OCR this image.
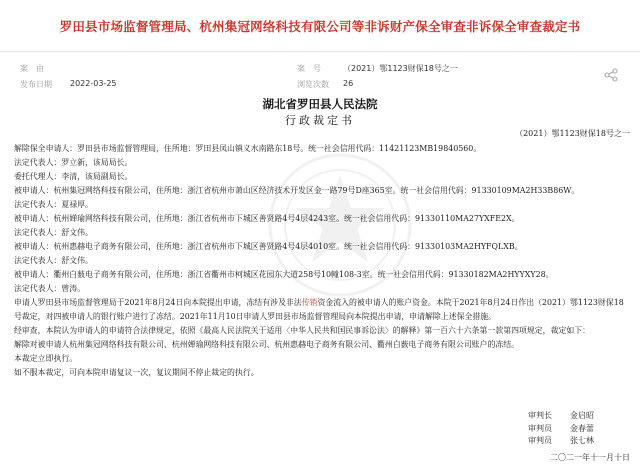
罗田县市场监督管理局、杭州集冠网络科技有限公司等非诉财产保全审查非诉保全审查裁定书
案　由
发布日期 2022-03-25
案　号	（2021）鄂1123财保18号之一
浏览次数 26
湖北省罗田县人民法院
行政裁定书
（2021）鄂1123财保18号之一

解除保全申请人：罗田县市场监督管理局，住所地：罗田县凤山镇义水南路东18号。统一社会信用代码：11421123MB19840560。

法定代表人：罗立新，该局局长。

委托代理人：李清，该局副局长。

被申请人：杭州集冠网络科技有限公司，住所地：浙江省杭州市萧山区经济技术开发区金一路79号D座365室。统一社会信用代码：91330109MA2H33B86W。

法定代表人：夏禄厚。

被申请人：杭州婵瑜网络科技有限公司，住所地：浙江省杭州市下城区善贤路4号4层4243室。统一社会信用代码：91330110MA27YXFE2X。

法定代表人：舒文伟。

被申请人：杭州惠赫电子商务有限公司，住所地：浙江省杭州市下城区善贤路4号4层4010室。统一社会信用代码：91330103MA2HYFQLXB。

法定代表人：舒文伟。

被申请人：衢州白薮电子商务有限公司，住所地：浙江省衢州市柯城区花园东大道258号10幢108-3室。统一社会信用代码：91330182MA2HYYXY28。

法定代表人：曾涛。

申请人罗田县市场监督管理局于2021年8月24日向本院提出申请，冻结有涉及非法传销资金流入的被申请人的账户资金。本院于2021年8月24日作出（2021）鄂1123财保18号裁定，对四被申请人的银行账户进行了冻结。2021年11月10日申请人罗田县市场监督管理局向本院提出申请，申请解除上述保全措施。

经审查，本院认为申请人的申请符合法律规定，依照《最高人民法院关于适用〈中华人民共和国民事诉讼法〉的解释》第一百六十六条第一款第四项规定，裁定如下：

解除对被申请人杭州集冠网络科技有限公司、杭州婵瑜网络科技有限公司、杭州惠赫电子商务有限公司、衢州白薮电子商务有限公司账户的冻结。

本裁定立即执行。

如不服本裁定，可向本院申请复议一次，复议期间不停止裁定的执行。

审判长 金启昭
审判员 金春蕾
审判员 张七林
二〇二一年十一月十日
